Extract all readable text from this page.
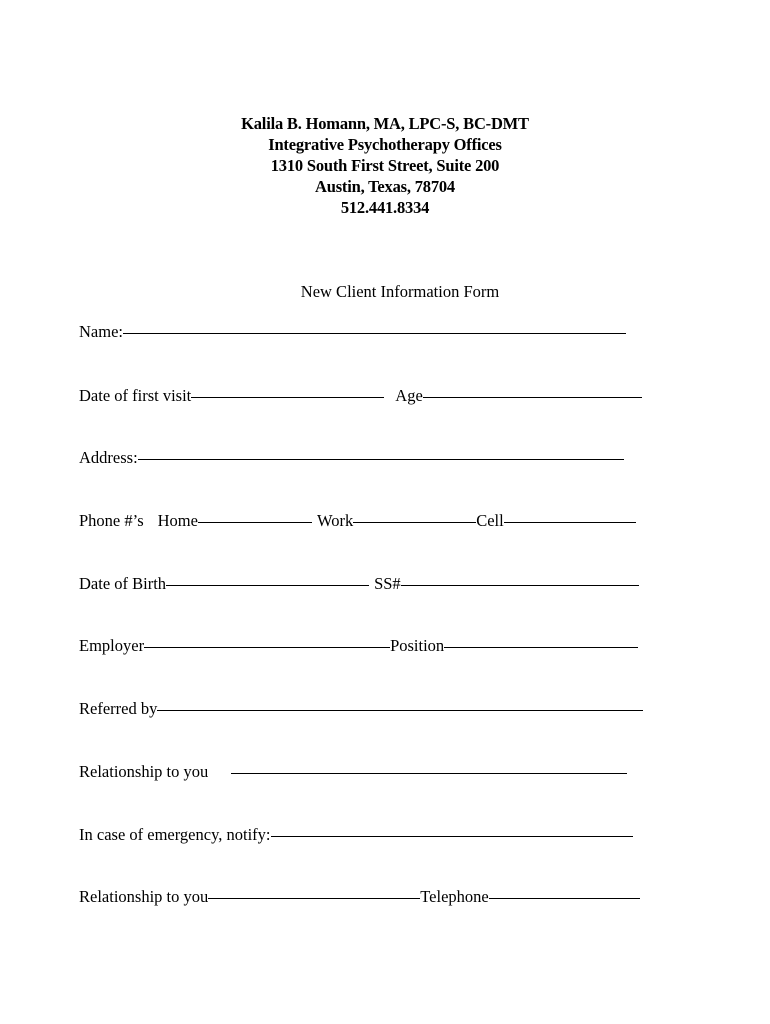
Kalila B. Homann, MA, LPC-S, BC-DMT
Integrative Psychotherapy Offices
1310 South First Street, Suite 200
Austin, Texas, 78704
512.441.8334
New Client Information Form
Name:
Date of first visit	Age
Address:
Phone #’s Home	Work	Cell
Date of Birth	SS#
Employer	Position
Referred by
Relationship to you
In case of emergency, notify:
Relationship to you	Telephone
